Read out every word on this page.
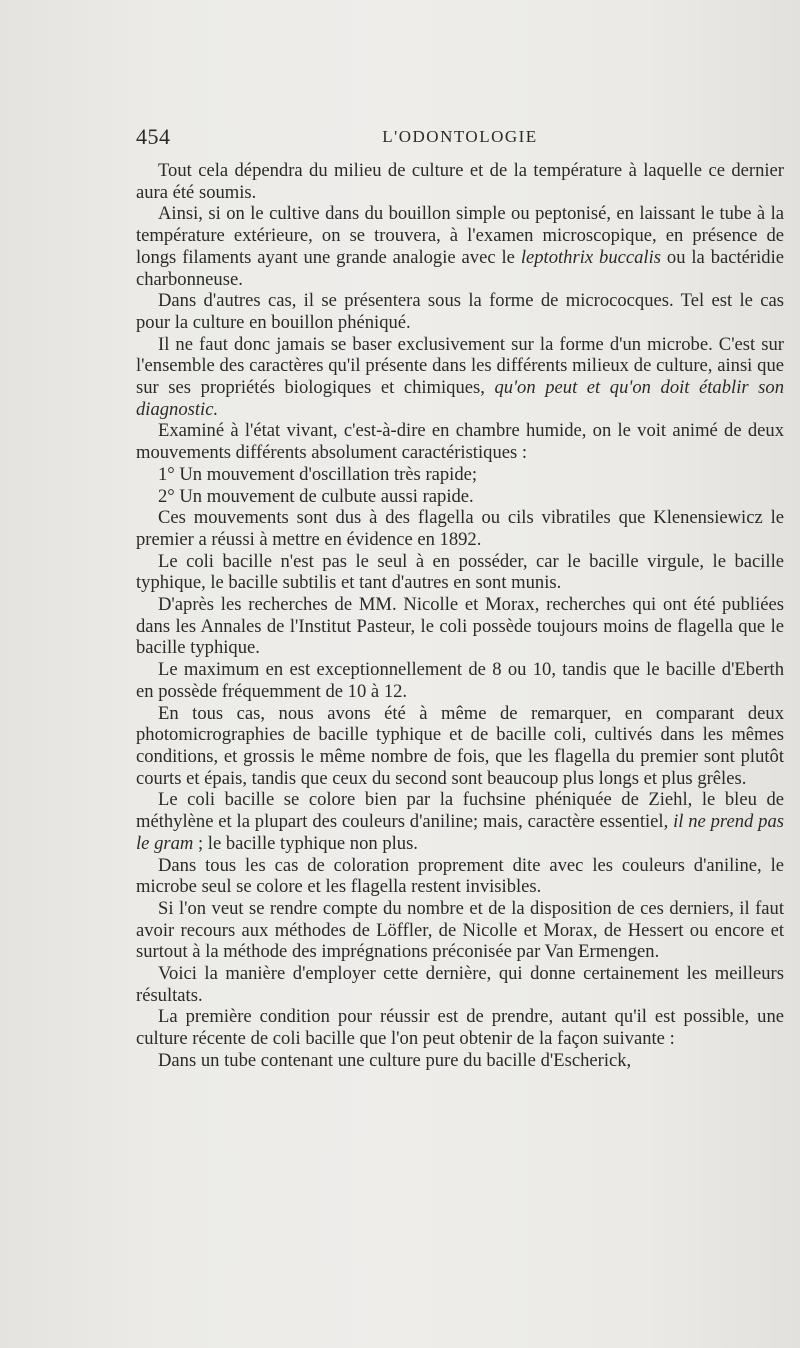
454	L'ODONTOLOGIE

Tout cela dépendra du milieu de culture et de la température à laquelle ce dernier aura été soumis.

Ainsi, si on le cultive dans du bouillon simple ou peptonisé, en laissant le tube à la température extérieure, on se trouvera, à l'examen microscopique, en présence de longs filaments ayant une grande analogie avec le leptothrix buccalis ou la bactéridie charbonneuse.

Dans d'autres cas, il se présentera sous la forme de micrococques. Tel est le cas pour la culture en bouillon phéniqué.

Il ne faut donc jamais se baser exclusivement sur la forme d'un microbe. C'est sur l'ensemble des caractères qu'il présente dans les différents milieux de culture, ainsi que sur ses propriétés biologiques et chimiques, qu'on peut et qu'on doit établir son diagnostic.

Examiné à l'état vivant, c'est-à-dire en chambre humide, on le voit animé de deux mouvements différents absolument caractéristiques :

1° Un mouvement d'oscillation très rapide;

2° Un mouvement de culbute aussi rapide.

Ces mouvements sont dus à des flagella ou cils vibratiles que Klenensiewicz le premier a réussi à mettre en évidence en 1892.

Le coli bacille n'est pas le seul à en posséder, car le bacille virgule, le bacille typhique, le bacille subtilis et tant d'autres en sont munis.

D'après les recherches de MM. Nicolle et Morax, recherches qui ont été publiées dans les Annales de l'Institut Pasteur, le coli possède toujours moins de flagella que le bacille typhique.

Le maximum en est exceptionnellement de 8 ou 10, tandis que le bacille d'Eberth en possède fréquemment de 10 à 12.

En tous cas, nous avons été à même de remarquer, en comparant deux photomicrographies de bacille typhique et de bacille coli, cultivés dans les mêmes conditions, et grossis le même nombre de fois, que les flagella du premier sont plutôt courts et épais, tandis que ceux du second sont beaucoup plus longs et plus grêles.

Le coli bacille se colore bien par la fuchsine phéniquée de Ziehl, le bleu de méthylène et la plupart des couleurs d'aniline; mais, caractère essentiel, il ne prend pas le gram ; le bacille typhique non plus.

Dans tous les cas de coloration proprement dite avec les couleurs d'aniline, le microbe seul se colore et les flagella restent invisibles.

Si l'on veut se rendre compte du nombre et de la disposition de ces derniers, il faut avoir recours aux méthodes de Löffler, de Nicolle et Morax, de Hessert ou encore et surtout à la méthode des imprégnations préconisée par Van Ermengen.

Voici la manière d'employer cette dernière, qui donne certainement les meilleurs résultats.

La première condition pour réussir est de prendre, autant qu'il est possible, une culture récente de coli bacille que l'on peut obtenir de la façon suivante :

Dans un tube contenant une culture pure du bacille d'Escherick,
